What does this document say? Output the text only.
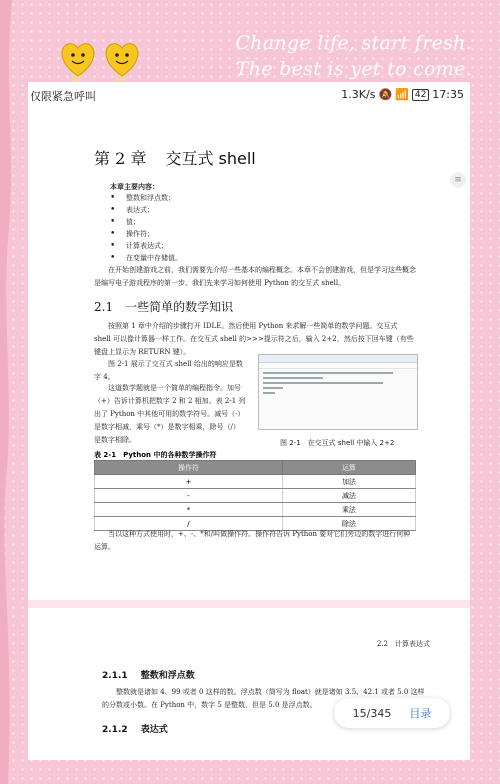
Change life, start fresh.
The best is yet to come.
仅限紧急呼叫	1.3K/s 🔕 📶 42 17:35
≡
第 2 章 交互式 shell
本章主要内容：
• 整数和浮点数；
• 表达式；
• 值；
• 操作符；
• 计算表达式；
• 在变量中存储值。
在开始创建游戏之前，我们需要先介绍一些基本的编程概念。本章不会创建游戏，但是学习这些概念是编写电子游戏程序的第一步。我们先来学习如何使用 Python 的交互式 shell。
2.1 一些简单的数学知识
按照第 1 章中介绍的步骤打开 IDLE。然后使用 Python 来求解一些简单的数学问题。交互式 shell 可以像计算器一样工作。在交互式 shell 的>>>提示符之后，输入 2+2，然后按下回车键（有些键盘上显示为 RETURN 键）。
图 2-1 展示了交互式 shell 给出的响应是数字 4。
这道数学题就是一个简单的编程指令。加号（+）告诉计算机把数字 2 和 2 相加。表 2-1 列出了 Python 中其他可用的数学符号。减号（-）是数字相减，乘号（*）是数字相乘，除号（/）是数字相除。	图 2-1　在交互式 shell 中输入 2+2
表 2-1　Python 中的各种数学操作符
操作符	运算
+	加法
-	减法
*	乘法
/	除法
当以这种方式使用时，+、-、*和/叫做操作符。操作符告诉 Python 要对它们旁边的数字进行何种运算。
2.2　计算表达式
2.1.1 整数和浮点数
整数就是诸如 4、99 或者 0 这样的数。浮点数（简写为 float）就是诸如 3.5、42.1 或者 5.0 这样的分数或小数。在 Python 中，数字 5 是整数，但是 5.0 是浮点数。
2.1.2 表达式
15/345 目录
